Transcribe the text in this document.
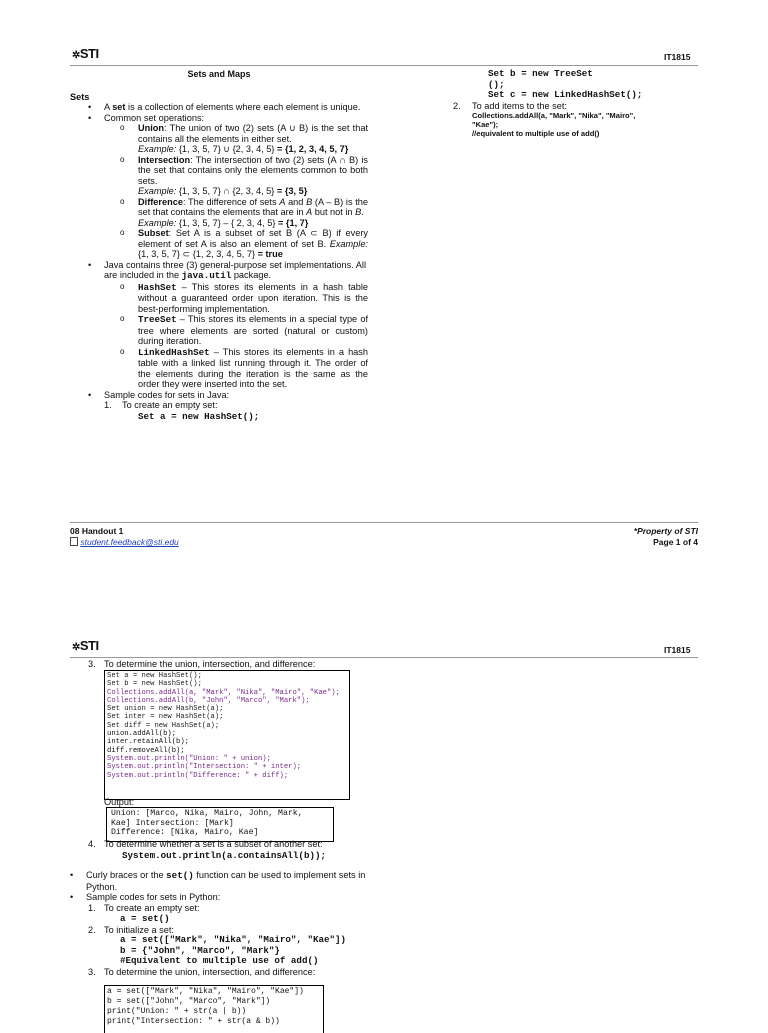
✲STI	IT1815
Sets and Maps
Sets
• A set is a collection of elements where each element is unique.
• Common set operations:
o Union: The union of two (2) sets (A ∪ B) is the set that contains all the elements in either set.
Example: {1, 3, 5, 7} ∪ {2, 3, 4, 5} = {1, 2, 3, 4, 5, 7}
o Intersection: The intersection of two (2) sets (A ∩ B) is the set that contains only the elements common to both sets.
Example: {1, 3, 5, 7} ∩ {2, 3, 4, 5} = {3, 5}
o Difference: The difference of sets A and B (A – B) is the set that contains the elements that are in A but not in B.
Example: {1, 3, 5, 7} – { 2, 3, 4, 5} = {1, 7}
o Subset: Set A is a subset of set B (A ⊂ B) if every element of set A is also an element of set B. Example: {1, 3, 5, 7} ⊂ {1, 2, 3, 4, 5, 7} = true
• Java contains three (3) general-purpose set implementations. All are included in the java.util package.
o HashSet – This stores its elements in a hash table without a guaranteed order upon iteration. This is the best-performing implementation.
o TreeSet – This stores its elements in a special type of tree where elements are sorted (natural or custom) during iteration.
o LinkedHashSet – This stores its elements in a hash table with a linked list running through it. The order of the elements during the iteration is the same as the order they were inserted into the set.
• Sample codes for sets in Java:
1. To create an empty set:
Set a = new HashSet();
Set b = new TreeSet
();
Set c = new LinkedHashSet();
2. To add items to the set:
Collections.addAll(a, "Mark", "Nika", "Mairo",
"Kae");
//equivalent to multiple use of add()
08 Handout 1
student.feedback@sti.edu
*Property of STI
Page 1 of 4
✲STI	IT1815
3. To determine the union, intersection, and difference:
Set a = new HashSet();
Set b = new HashSet();
Collections.addAll(a, "Mark", "Nika", "Mairo", "Kae");
Collections.addAll(b, "John", "Marco", "Mark");
Set union = new HashSet(a);
Set inter = new HashSet(a);
Set diff = new HashSet(a);
union.addAll(b);
inter.retainAll(b);
diff.removeAll(b);
System.out.println("Union: " + union);
System.out.println("Intersection: " + inter);
System.out.println("Difference: " + diff);
Output:
Union: [Marco, Nika, Mairo, John, Mark,
Kae] Intersection: [Mark]
Difference: [Nika, Mairo, Kae]
4. To determine whether a set is a subset of another set:
System.out.println(a.containsAll(b));
• Curly braces or the set() function can be used to implement sets in Python.
• Sample codes for sets in Python:
1. To create an empty set:
a = set()
2. To initialize a set:
a = set(["Mark", "Nika", "Mairo", "Kae"])
b = {"John", "Marco", "Mark"}
#Equivalent to multiple use of add()
3. To determine the union, intersection, and difference:
a = set(["Mark", "Nika", "Mairo", "Kae"])
b = set(["John", "Marco", "Mark"])
print("Union: " + str(a | b))
print("Intersection: " + str(a & b))
